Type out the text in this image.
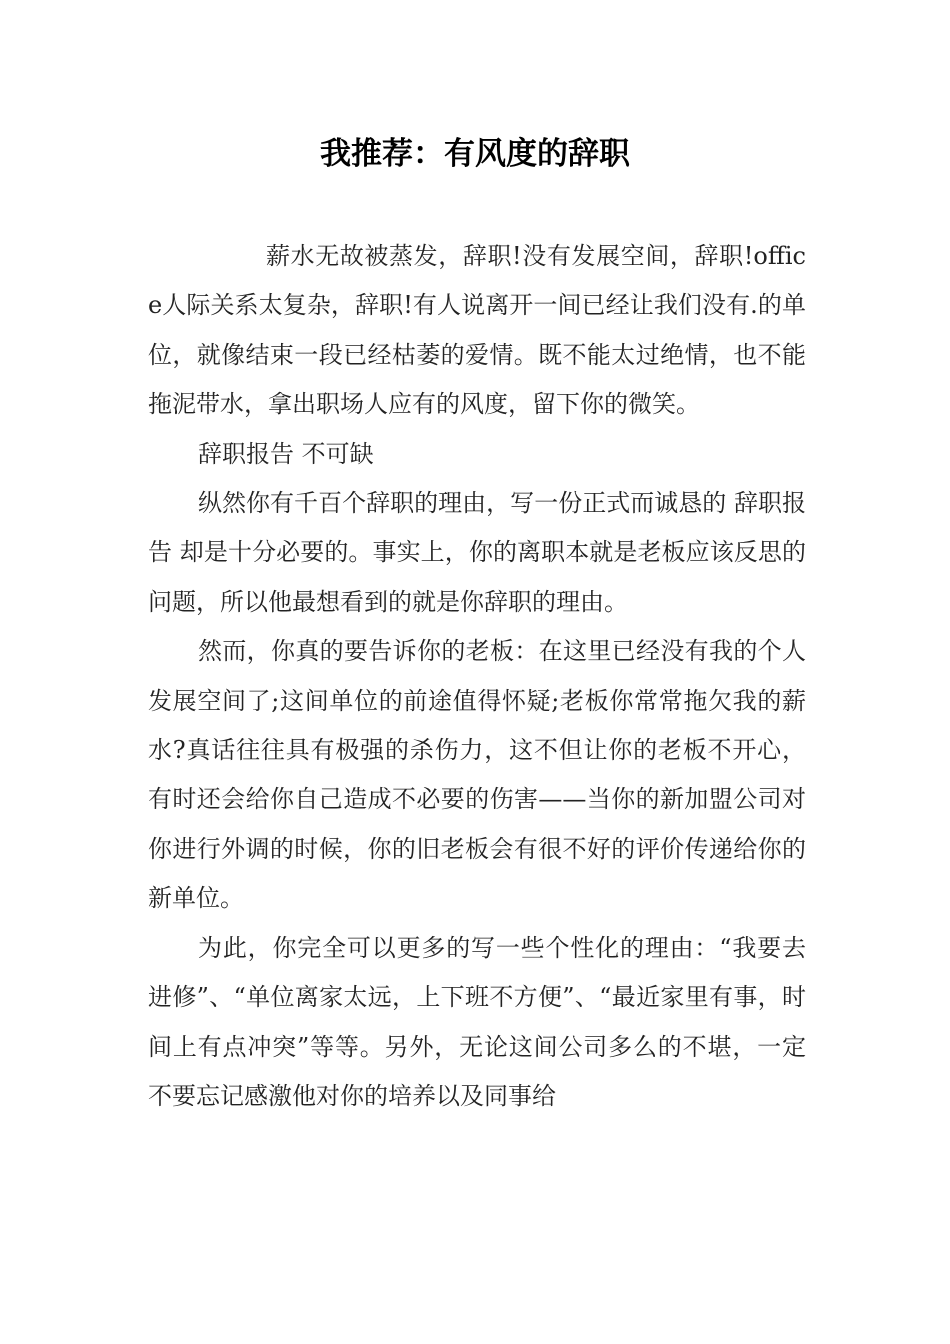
我推荐：有风度的辞职

薪水无故被蒸发，辞职!没有发展空间，辞职!office人际关系太复杂，辞职!有人说离开一间已经让我们没有.的单位，就像结束一段已经枯萎的爱情。既不能太过绝情，也不能拖泥带水，拿出职场人应有的风度，留下你的微笑。

辞职报告 不可缺

纵然你有千百个辞职的理由，写一份正式而诚恳的 辞职报告 却是十分必要的。事实上，你的离职本就是老板应该反思的问题，所以他最想看到的就是你辞职的理由。

然而，你真的要告诉你的老板：在这里已经没有我的个人发展空间了;这间单位的前途值得怀疑;老板你常常拖欠我的薪水?真话往往具有极强的杀伤力，这不但让你的老板不开心，有时还会给你自己造成不必要的伤害——当你的新加盟公司对你进行外调的时候，你的旧老板会有很不好的评价传递给你的新单位。

为此，你完全可以更多的写一些个性化的理由：“我要去进修”、“单位离家太远，上下班不方便”、“最近家里有事，时间上有点冲突”等等。另外，无论这间公司多么的不堪，一定不要忘记感激他对你的培养以及同事给
